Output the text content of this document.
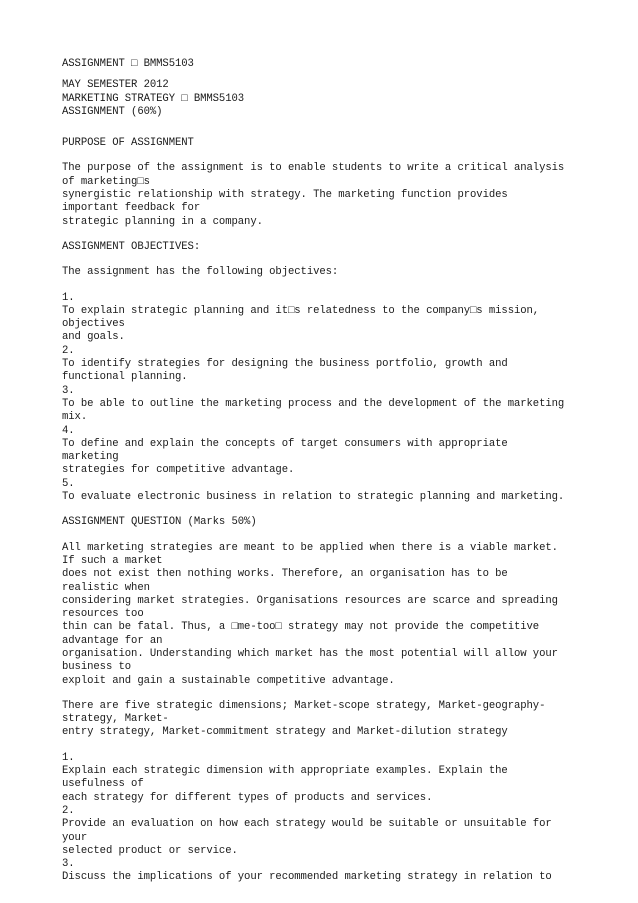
ASSIGNMENT □ BMMS5103
MAY SEMESTER 2012
MARKETING STRATEGY □ BMMS5103
ASSIGNMENT (60%)
PURPOSE OF ASSIGNMENT
The purpose of the assignment is to enable students to write a critical analysis
of marketing□s
synergistic relationship with strategy. The marketing function provides
important feedback for
strategic planning in a company.
ASSIGNMENT OBJECTIVES:
The assignment has the following objectives:
1.
To explain strategic planning and it□s relatedness to the company□s mission,
objectives
and goals.
2.
To identify strategies for designing the business portfolio, growth and
functional planning.
3.
To be able to outline the marketing process and the development of the marketing
mix.
4.
To define and explain the concepts of target consumers with appropriate
marketing
strategies for competitive advantage.
5.
To evaluate electronic business in relation to strategic planning and marketing.
ASSIGNMENT QUESTION (Marks 50%)
All marketing strategies are meant to be applied when there is a viable market.
If such a market
does not exist then nothing works. Therefore, an organisation has to be
realistic when
considering market strategies. Organisations resources are scarce and spreading
resources too
thin can be fatal. Thus, a □me-too□ strategy may not provide the competitive
advantage for an
organisation. Understanding which market has the most potential will allow your
business to
exploit and gain a sustainable competitive advantage.
There are five strategic dimensions; Market-scope strategy, Market-geography-
strategy, Market-
entry strategy, Market-commitment strategy and Market-dilution strategy
1.
Explain each strategic dimension with appropriate examples. Explain the
usefulness of
each strategy for different types of products and services.
2.
Provide an evaluation on how each strategy would be suitable or unsuitable for
your
selected product or service.
3.
Discuss the implications of your recommended marketing strategy in relation to
